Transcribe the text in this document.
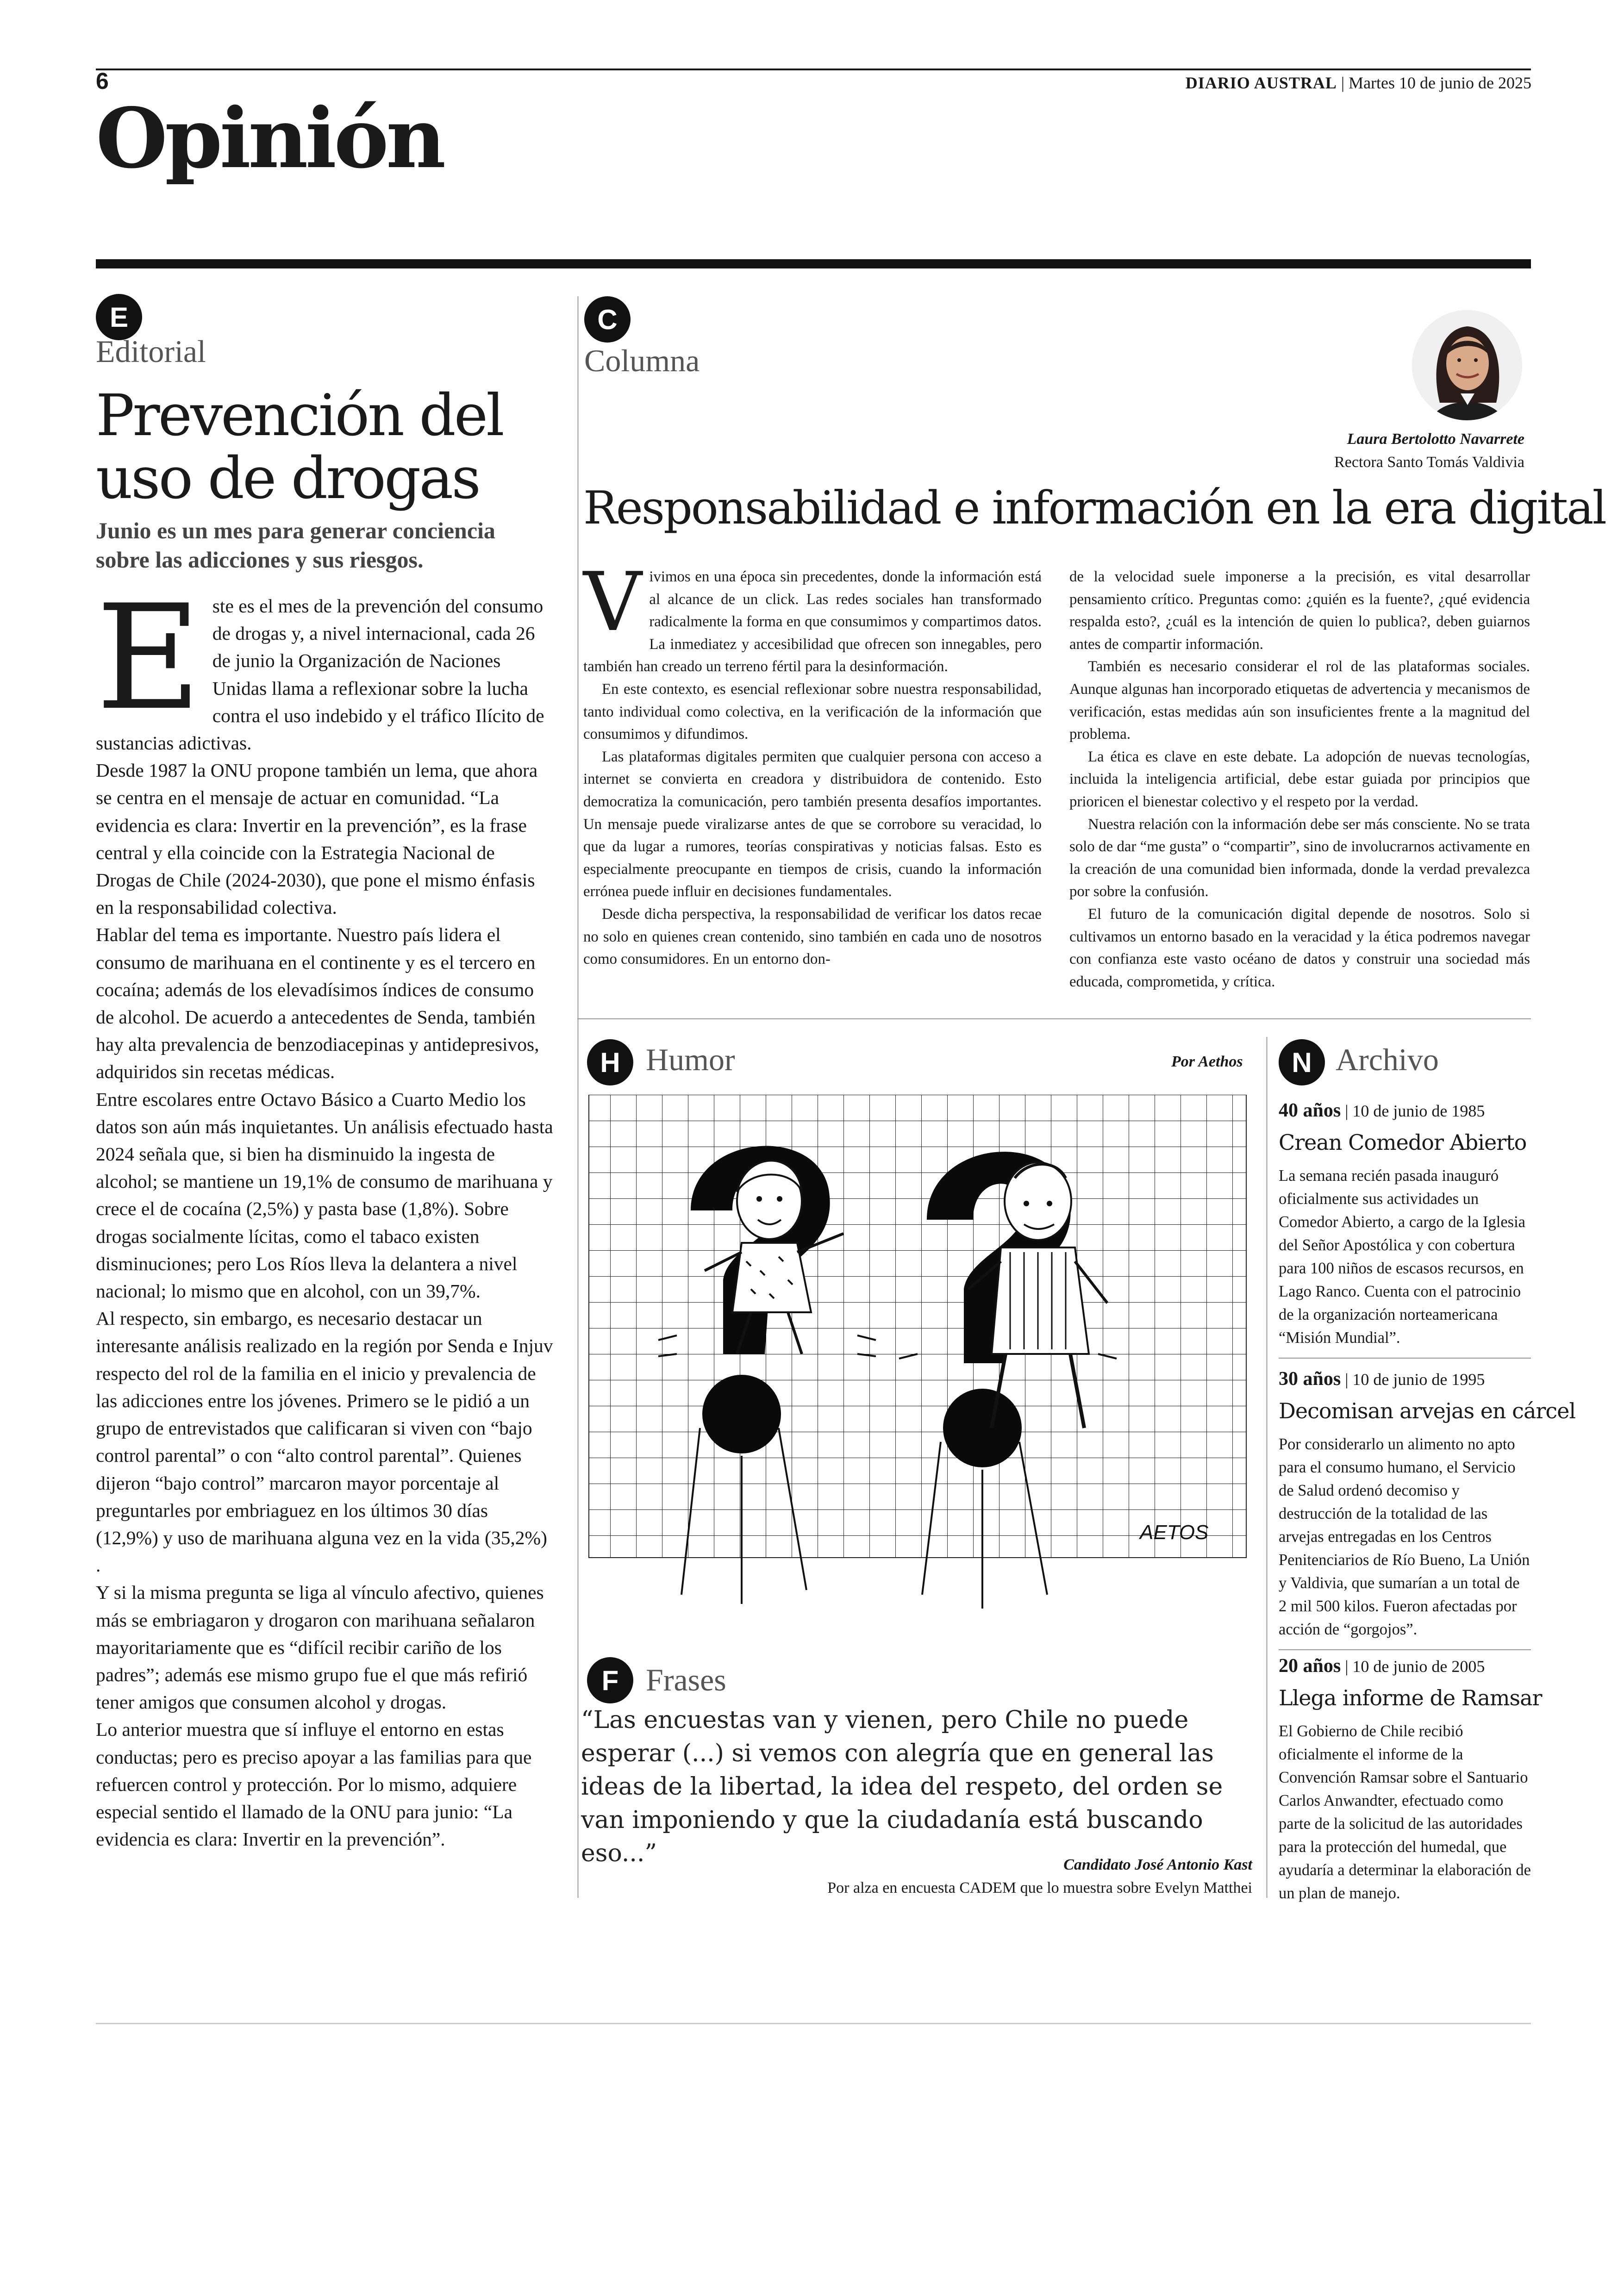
6	DIARIO AUSTRAL | Martes 10 de junio de 2025
Opinión
E
Editorial
Prevención del uso de drogas
Junio es un mes para generar conciencia sobre las adicciones y sus riesgos.

Este es el mes de la prevención del consumo de drogas y, a nivel internacional, cada 26 de junio la Organización de Naciones Unidas llama a reflexionar sobre la lucha contra el uso indebido y el tráfico Ilícito de sustancias adictivas.

Desde 1987 la ONU propone también un lema, que ahora se centra en el mensaje de actuar en comunidad. “La evidencia es clara: Invertir en la prevención”, es la frase central y ella coincide con la Estrategia Nacional de Drogas de Chile (2024-2030), que pone el mismo énfasis en la responsabilidad colectiva.

Hablar del tema es importante. Nuestro país lidera el consumo de marihuana en el continente y es el tercero en cocaína; además de los elevadísimos índices de consumo de alcohol. De acuerdo a antecedentes de Senda, también hay alta prevalencia de benzodiacepinas y antidepresivos, adquiridos sin recetas médicas.

Entre escolares entre Octavo Básico a Cuarto Medio los datos son aún más inquietantes. Un análisis efectuado hasta 2024 señala que, si bien ha disminuido la ingesta de alcohol; se mantiene un 19,1% de consumo de marihuana y crece el de cocaína (2,5%) y pasta base (1,8%). Sobre drogas socialmente lícitas, como el tabaco existen disminuciones; pero Los Ríos lleva la delantera a nivel nacional; lo mismo que en alcohol, con un 39,7%.

Al respecto, sin embargo, es necesario destacar un interesante análisis realizado en la región por Senda e Injuv respecto del rol de la familia en el inicio y prevalencia de las adicciones entre los jóvenes. Primero se le pidió a un grupo de entrevistados que calificaran si viven con “bajo control parental” o con “alto control parental”. Quienes dijeron “bajo control” marcaron mayor porcentaje al preguntarles por embriaguez en los últimos 30 días (12,9%) y uso de marihuana alguna vez en la vida (35,2%) .

Y si la misma pregunta se liga al vínculo afectivo, quienes más se embriagaron y drogaron con marihuana señalaron mayoritariamente que es “difícil recibir cariño de los padres”; además ese mismo grupo fue el que más refirió tener amigos que consumen alcohol y drogas.

Lo anterior muestra que sí influye el entorno en estas conductas; pero es preciso apoyar a las familias para que refuercen control y protección. Por lo mismo, adquiere especial sentido el llamado de la ONU para junio: “La evidencia es clara: Invertir en la prevención”.

C
Columna
Laura Bertolotto Navarrete
Rectora Santo Tomás Valdivia
Responsabilidad e información en la era digital

Vivimos en una época sin precedentes, donde la información está al alcance de un click. Las redes sociales han transformado radicalmente la forma en que consumimos y compartimos datos. La inmediatez y accesibilidad que ofrecen son innegables, pero también han creado un terreno fértil para la desinformación.

En este contexto, es esencial reflexionar sobre nuestra responsabilidad, tanto individual como colectiva, en la verificación de la información que consumimos y difundimos.

Las plataformas digitales permiten que cualquier persona con acceso a internet se convierta en creadora y distribuidora de contenido. Esto democratiza la comunicación, pero también presenta desafíos importantes. Un mensaje puede viralizarse antes de que se corrobore su veracidad, lo que da lugar a rumores, teorías conspirativas y noticias falsas. Esto es especialmente preocupante en tiempos de crisis, cuando la información errónea puede influir en decisiones fundamentales.

Desde dicha perspectiva, la responsabilidad de verificar los datos recae no solo en quienes crean contenido, sino también en cada uno de nosotros como consumidores. En un entorno don-

de la velocidad suele imponerse a la precisión, es vital desarrollar pensamiento crítico. Preguntas como: ¿quién es la fuente?, ¿qué evidencia respalda esto?, ¿cuál es la intención de quien lo publica?, deben guiarnos antes de compartir información.

También es necesario considerar el rol de las plataformas sociales. Aunque algunas han incorporado etiquetas de advertencia y mecanismos de verificación, estas medidas aún son insuficientes frente a la magnitud del problema.

La ética es clave en este debate. La adopción de nuevas tecnologías, incluida la inteligencia artificial, debe estar guiada por principios que prioricen el bienestar colectivo y el respeto por la verdad.

Nuestra relación con la información debe ser más consciente. No se trata solo de dar “me gusta” o “compartir”, sino de involucrarnos activamente en la creación de una comunidad bien informada, donde la verdad prevalezca por sobre la confusión.

El futuro de la comunicación digital depende de nosotros. Solo si cultivamos un entorno basado en la veracidad y la ética podremos navegar con confianza este vasto océano de datos y construir una sociedad más educada, comprometida, y crítica.

H Humor	Por Aethos
AETOS
F Frases
“Las encuestas van y vienen, pero Chile no puede esperar (...) si vemos con alegría que en general las ideas de la libertad, la idea del respeto, del orden se van imponiendo y que la ciudadanía está buscando eso...”	Candidato José Antonio Kast
Por alza en encuesta CADEM que lo muestra sobre Evelyn Matthei
N Archivo
40 años | 10 de junio de 1985
Crean Comedor Abierto
La semana recién pasada inauguró oficialmente sus actividades un Comedor Abierto, a cargo de la Iglesia del Señor Apostólica y con cobertura para 100 niños de escasos recursos, en Lago Ranco. Cuenta con el patrocinio de la organización norteamericana “Misión Mundial”.
30 años | 10 de junio de 1995
Decomisan arvejas en cárcel
Por considerarlo un alimento no apto para el consumo humano, el Servicio de Salud ordenó decomiso y destrucción de la totalidad de las arvejas entregadas en los Centros Penitenciarios de Río Bueno, La Unión y Valdivia, que sumarían a un total de 2 mil 500 kilos. Fueron afectadas por acción de “gorgojos”.
20 años | 10 de junio de 2005
Llega informe de Ramsar
El Gobierno de Chile recibió oficialmente el informe de la Convención Ramsar sobre el Santuario Carlos Anwandter, efectuado como parte de la solicitud de las autoridades para la protección del humedal, que ayudaría a determinar la elaboración de un plan de manejo.
